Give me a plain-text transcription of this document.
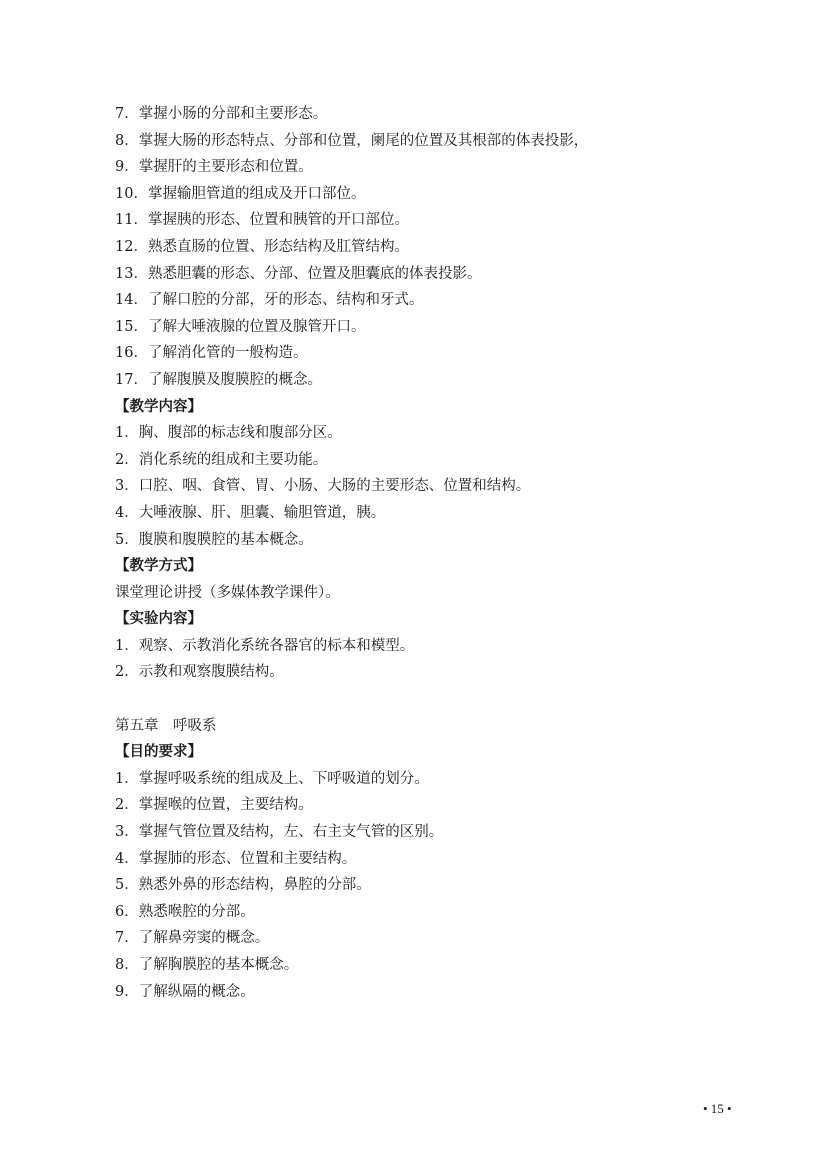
7．掌握小肠的分部和主要形态。
8．掌握大肠的形态特点、分部和位置，阑尾的位置及其根部的体表投影，
9．掌握肝的主要形态和位置。
10．掌握输胆管道的组成及开口部位。
11．掌握胰的形态、位置和胰管的开口部位。
12．熟悉直肠的位置、形态结构及肛管结构。
13．熟悉胆囊的形态、分部、位置及胆囊底的体表投影。
14．了解口腔的分部，牙的形态、结构和牙式。
15．了解大唾液腺的位置及腺管开口。
16．了解消化管的一般构造。
17．了解腹膜及腹膜腔的概念。
【教学内容】
1．胸、腹部的标志线和腹部分区。
2．消化系统的组成和主要功能。
3．口腔、咽、食管、胃、小肠、大肠的主要形态、位置和结构。
4．大唾液腺、肝、胆囊、输胆管道，胰。
5．腹膜和腹膜腔的基本概念。
【教学方式】
课堂理论讲授（多媒体教学课件）。
【实验内容】
1．观察、示教消化系统各器官的标本和模型。
2．示教和观察腹膜结构。
第五章　呼吸系
【目的要求】
1．掌握呼吸系统的组成及上、下呼吸道的划分。
2．掌握喉的位置，主要结构。
3．掌握气管位置及结构，左、右主支气管的区别。
4．掌握肺的形态、位置和主要结构。
5．熟悉外鼻的形态结构，鼻腔的分部。
6．熟悉喉腔的分部。
7．了解鼻旁窦的概念。
8．了解胸膜腔的基本概念。
9．了解纵隔的概念。
• 15 •
